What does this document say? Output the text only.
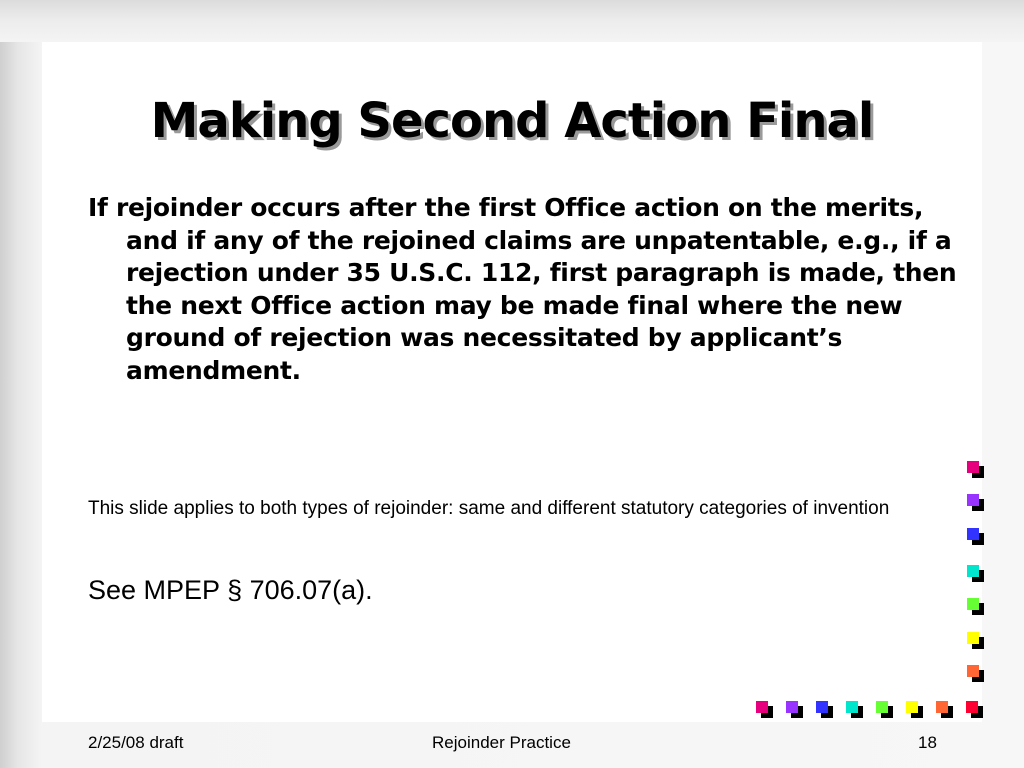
Making Second Action Final
If rejoinder occurs after the first Office action on the merits, and if any of the rejoined claims are unpatentable, e.g., if a rejection under 35 U.S.C. 112, first paragraph is made, then the next Office action may be made final where the new ground of rejection was necessitated by applicant’s amendment.
This slide applies to both types of rejoinder: same and different statutory categories of invention
See MPEP § 706.07(a).
2/25/08 draft	Rejoinder Practice	18
